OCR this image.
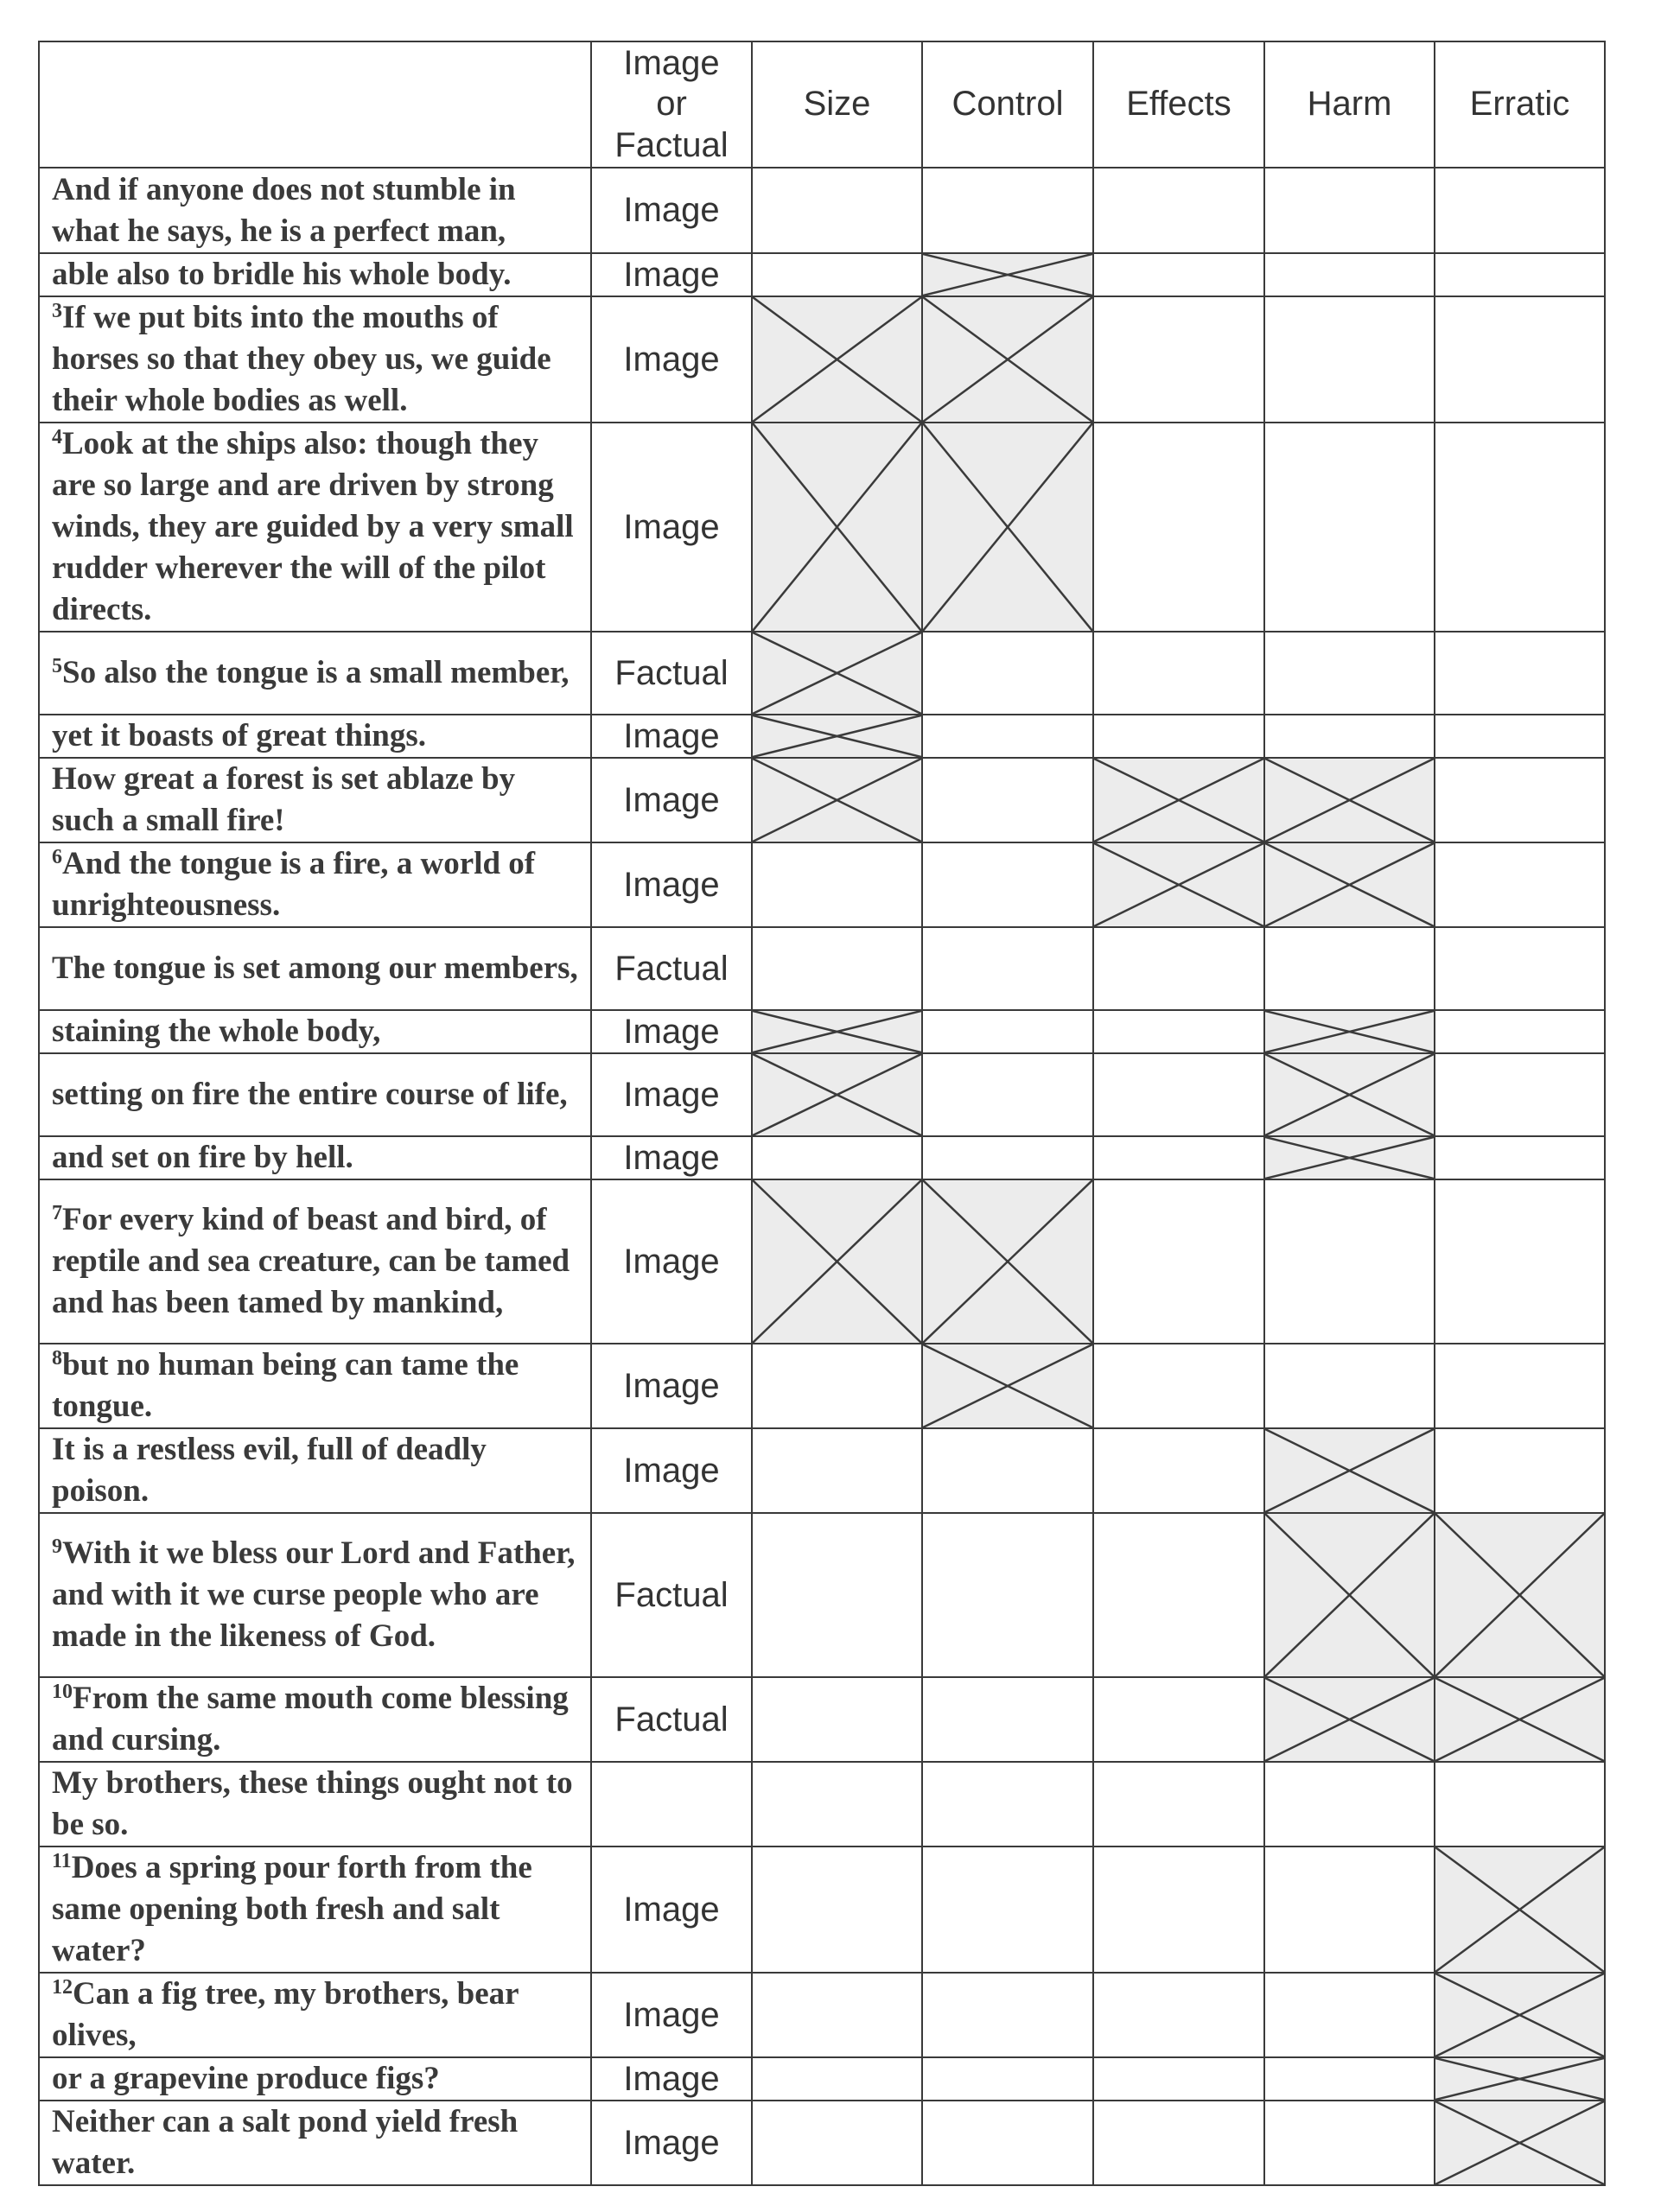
	Image
or
Factual	Size	Control	Effects	Harm	Erratic
And if anyone does not stumble in what he says, he is a perfect man,	Image					
able also to bridle his whole body.	Image		

$^3$If we put bits into the mouths of horses so that they obey us, we guide their whole bodies as well.	Image	

$^4$Look at the ships also: though they are so large and are driven by strong winds, they are guided by a very small rudder wherever the will of the pilot directs.	Image	

$^5$So also the tongue is a small member,	Factual	

yet it boasts of great things.	Image	

How great a forest is set ablaze by such a small fire!	Image	

$^6$And the tongue is a fire, a world of unrighteousness.	Image			

The tongue is set among our members,	Factual					
staining the whole body,	Image	

setting on fire the entire course of life,	Image	

and set on fire by hell.	Image				

$^7$For every kind of beast and bird, of reptile and sea creature, can be tamed and has been tamed by mankind,	Image	

$^8$but no human being can tame the tongue.	Image		

It is a restless evil, full of deadly poison.	Image				

$^9$With it we bless our Lord and Father, and with it we curse people who are made in the likeness of God.	Factual				

$^{10}$From the same mouth come blessing and cursing.	Factual				

My brothers, these things ought not to be so.						
$^{11}$Does a spring pour forth from the same opening both fresh and salt water?	Image					

$^{12}$Can a fig tree, my brothers, bear olives,	Image					

or a grapevine produce figs?	Image					

Neither can a salt pond yield fresh water.	Image					
